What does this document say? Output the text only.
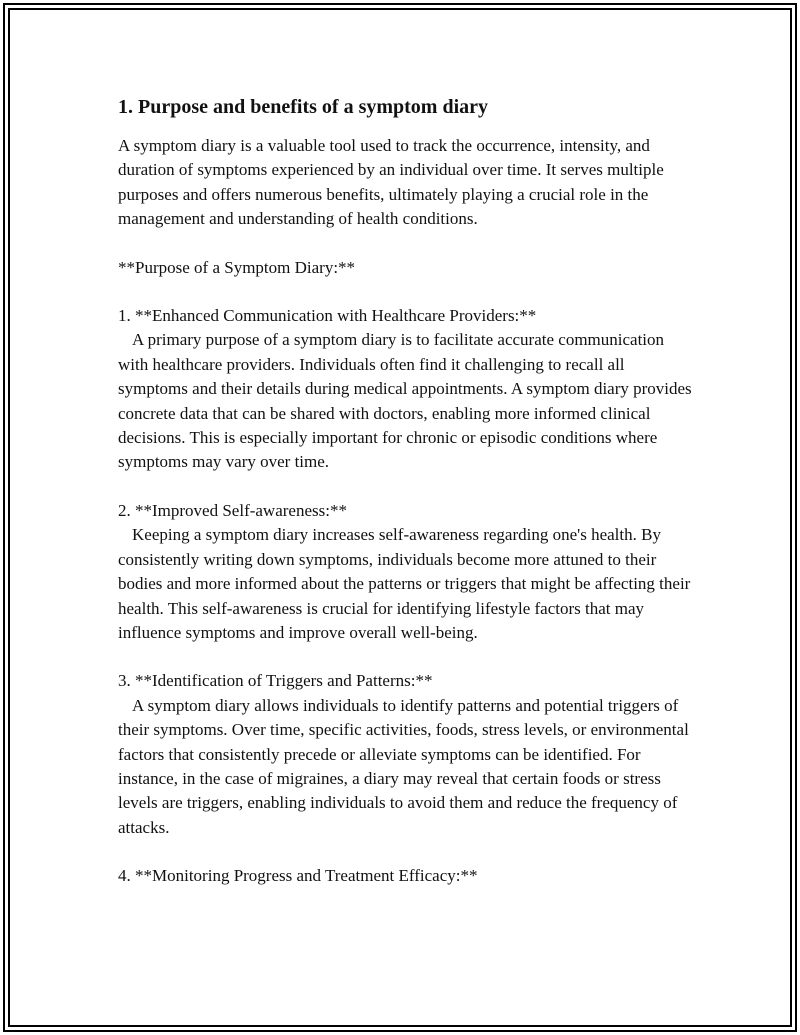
1. Purpose and benefits of a symptom diary

A symptom diary is a valuable tool used to track the occurrence, intensity, and duration of symptoms experienced by an individual over time. It serves multiple purposes and offers numerous benefits, ultimately playing a crucial role in the management and understanding of health conditions.

**Purpose of a Symptom Diary:**

1. **Enhanced Communication with Healthcare Providers:**
A primary purpose of a symptom diary is to facilitate accurate communication with healthcare providers. Individuals often find it challenging to recall all symptoms and their details during medical appointments. A symptom diary provides concrete data that can be shared with doctors, enabling more informed clinical decisions. This is especially important for chronic or episodic conditions where symptoms may vary over time.

2. **Improved Self-awareness:**
Keeping a symptom diary increases self-awareness regarding one's health. By consistently writing down symptoms, individuals become more attuned to their bodies and more informed about the patterns or triggers that might be affecting their health. This self-awareness is crucial for identifying lifestyle factors that may influence symptoms and improve overall well-being.

3. **Identification of Triggers and Patterns:**
A symptom diary allows individuals to identify patterns and potential triggers of their symptoms. Over time, specific activities, foods, stress levels, or environmental factors that consistently precede or alleviate symptoms can be identified. For instance, in the case of migraines, a diary may reveal that certain foods or stress levels are triggers, enabling individuals to avoid them and reduce the frequency of attacks.

4. **Monitoring Progress and Treatment Efficacy:**
